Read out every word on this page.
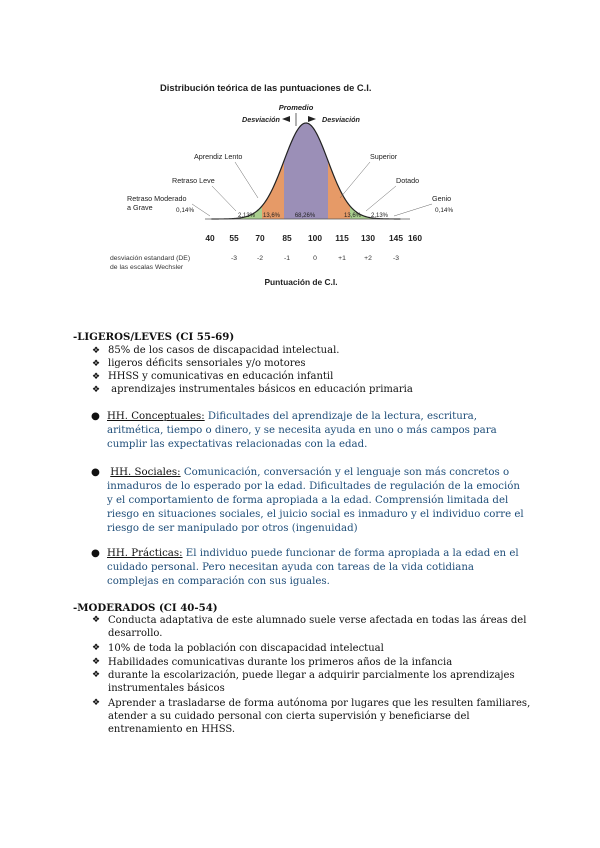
Distribución teórica de las puntuaciones de C.I.
Promedio
Desviación	Desviación
Aprendiz Lento	Superior
Retraso Leve	Dotado
Retraso Moderado
a Grave
Genio
0,14%
2,13% 13,6% 68,26%	13,6% 2,13%
0,14%
40 55 70 85 100 115 130 145 160
desviación estandard (DE)
de las escalas Wechsler
-3	-2	-1	0	+1	+2	-3
Puntuación de C.I.
-LIGEROS/LEVES (CI 55-69)
❖ 85% de los casos de discapacidad intelectual.
❖ ligeros déficits sensoriales y/o motores
❖ HHSS y comunicativas en educación infantil
❖ aprendizajes instrumentales básicos en educación primaria
● HH. Conceptuales: Dificultades del aprendizaje de la lectura, escritura, aritmética, tiempo o dinero, y se necesita ayuda en uno o más campos para cumplir las expectativas relacionadas con la edad.
●	HH. Sociales: Comunicación, conversación y el lenguaje son más concretos o inmaduros de lo esperado por la edad. Dificultades de regulación de la emoción y el comportamiento de forma apropiada a la edad. Comprensión limitada del riesgo en situaciones sociales, el juicio social es inmaduro y el individuo corre el riesgo de ser manipulado por otros (ingenuidad)
● HH. Prácticas: El individuo puede funcionar de forma apropiada a la edad en el cuidado personal. Pero necesitan ayuda con tareas de la vida cotidiana complejas en comparación con sus iguales.
-MODERADOS (CI 40-54)
❖ Conducta adaptativa de este alumnado suele verse afectada en todas las áreas del desarrollo.
❖ 10% de toda la población con discapacidad intelectual
❖ Habilidades comunicativas durante los primeros años de la infancia
❖ durante la escolarización, puede llegar a adquirir parcialmente los aprendizajes instrumentales básicos
❖ Aprender a trasladarse de forma autónoma por lugares que les resulten familiares, atender a su cuidado personal con cierta supervisión y beneficiarse del entrenamiento en HHSS.
